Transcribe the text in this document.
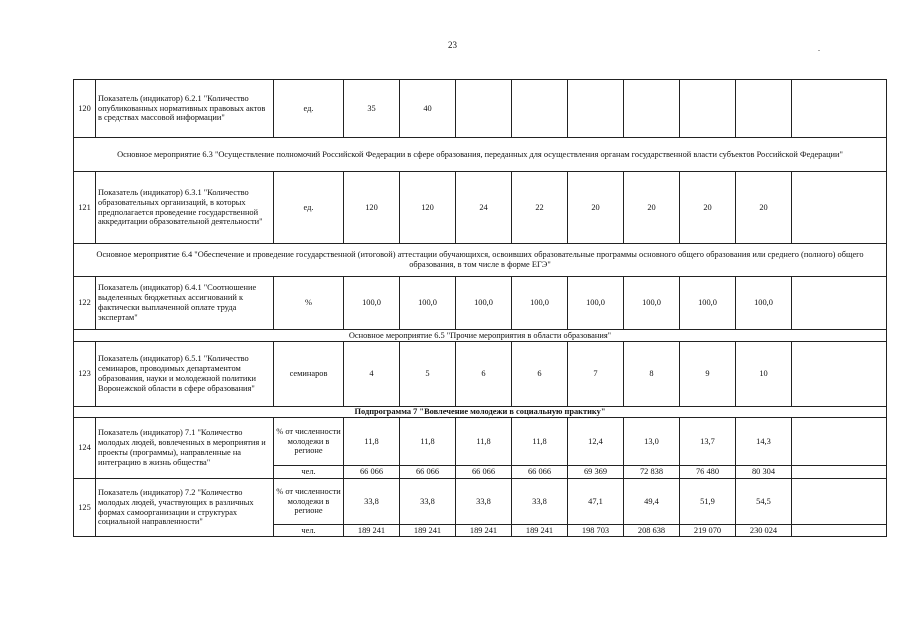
23	.
120	Показатель (индикатор) 6.2.1 "Количество опубликованных нормативных правовых актов в средствах массовой информации"	ед.	35	40							
Основное мероприятие 6.3 "Осуществление полномочий Российской Федерации в сфере образования, переданных для осуществления органам государственной власти субъектов Российской Федерации"											
121	Показатель (индикатор) 6.3.1 "Количество образовательных организаций, в которых предполагается проведение государственной аккредитации образовательной деятельности"	ед.	120	120	24	22	20	20	20	20	
Основное мероприятие 6.4 "Обеспечение и проведение государственной (итоговой) аттестации обучающихся, освоивших образовательные программы основного общего образования или среднего (полного) общего образования, в том числе в форме ЕГЭ"											
122	Показатель (индикатор) 6.4.1 "Соотношение выделенных бюджетных ассигнований к фактически выплаченной оплате труда экспертам"	%	100,0	100,0	100,0	100,0	100,0	100,0	100,0	100,0	
Основное мероприятие 6.5 "Прочие мероприятия в области образования"											
123	Показатель (индикатор) 6.5.1 "Количество семинаров, проводимых департаментом образования, науки и молодежной политики Воронежской области в сфере образования"	семинаров	4	5	6	6	7	8	9	10	
Подпрограмма 7 "Вовлечение молодежи в социальную практику"											
124	Показатель (индикатор) 7.1 "Количество молодых людей, вовлеченных в мероприятия и проекты (программы), направленные на интеграцию в жизнь общества"	% от численности молодежи в регионе	11,8	11,8	11,8	11,8	12,4	13,0	13,7	14,3	
		чел.	66 066	66 066	66 066	66 066	69 369	72 838	76 480	80 304	
125	Показатель (индикатор) 7.2 "Количество молодых людей, участвующих в различных формах самоорганизации и структурах социальной направленности"	% от численности молодежи в регионе	33,8	33,8	33,8	33,8	47,1	49,4	51,9	54,5	
		чел.	189 241	189 241	189 241	189 241	198 703	208 638	219 070	230 024	
